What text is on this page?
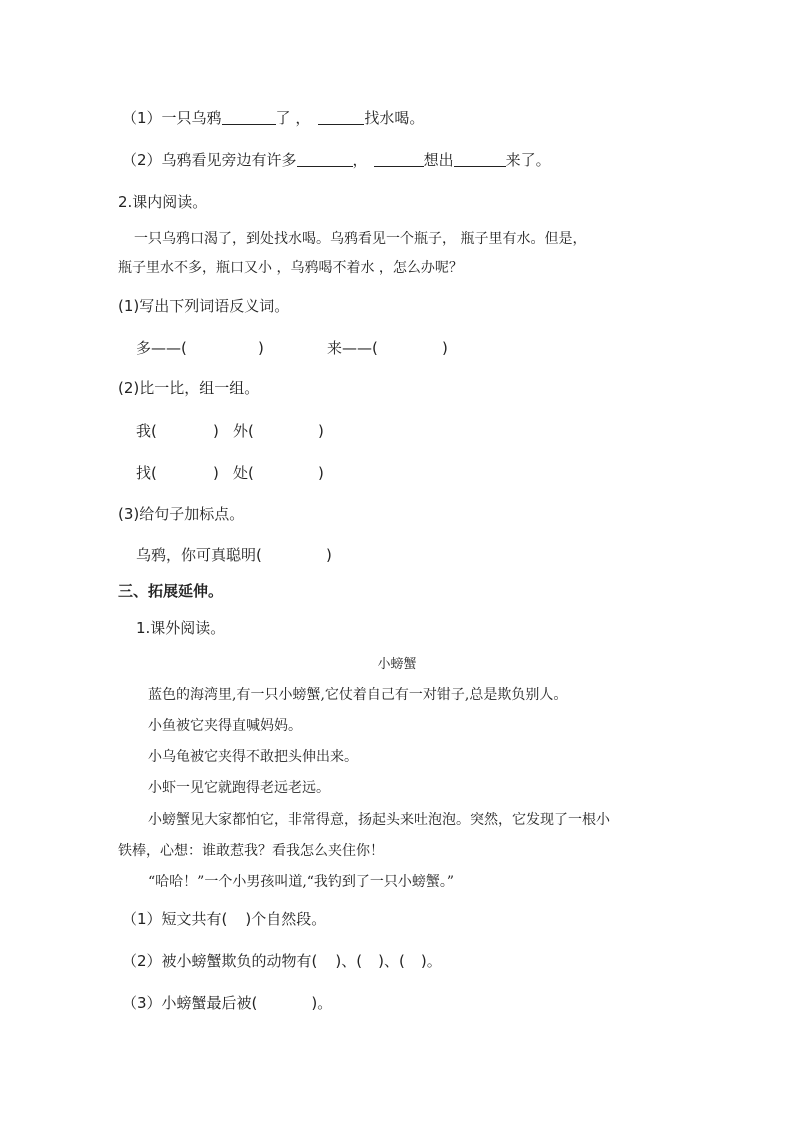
（1）一只乌鸦	了 ，	找水喝。
（2）乌鸦看见旁边有许多	，	想出	来了。
2.课内阅读。
一只乌鸦口渴了，到处找水喝。乌鸦看见一个瓶子， 瓶子里有水。但是，
瓶子里水不多，瓶口又小 ，乌鸦喝不着水 ，怎么办呢？
(1)写出下列词语反义词。
多——(	)	来——(	)
(2)比一比，组一组。
我(	) 外(	)
找(	) 处(	)
(3)给句子加标点。
乌鸦，你可真聪明(	)
三、拓展延伸。
1.课外阅读。
小螃蟹
蓝色的海湾里,有一只小螃蟹,它仗着自己有一对钳子,总是欺负别人。
小鱼被它夹得直喊妈妈。
小乌龟被它夹得不敢把头伸出来。
小虾一见它就跑得老远老远。
小螃蟹见大家都怕它，非常得意，扬起头来吐泡泡。突然，它发现了一根小
铁棒，心想：谁敢惹我？看我怎么夹住你！
“哈哈！”一个小男孩叫道,“我钓到了一只小螃蟹。”
（1）短文共有( )个自然段。
（2）被小螃蟹欺负的动物有( )、( )、( )。
（3）小螃蟹最后被(	)。
